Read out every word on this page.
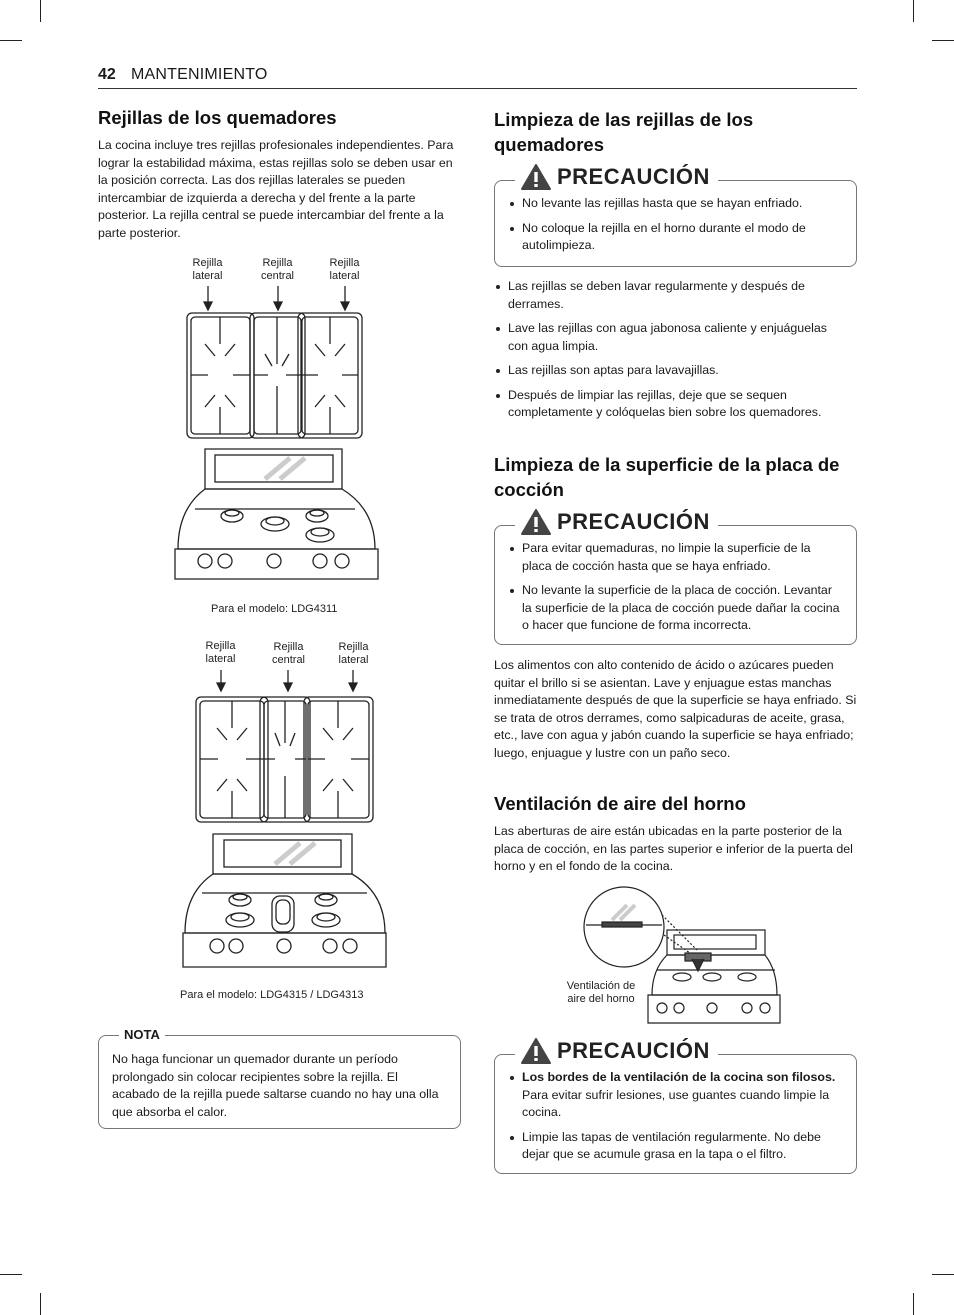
42 MANTENIMIENTO
Rejillas de los quemadores

La cocina incluye tres rejillas profesionales independientes. Para lograr la estabilidad máxima, estas rejillas solo se deben usar en la posición correcta. Las dos rejillas laterales se pueden intercambiar de izquierda a derecha y del frente a la parte posterior. La rejilla central se puede intercambiar del frente a la parte posterior.

Rejilla lateral
Rejilla central
Rejilla lateral
Para el modelo: LDG4311
Rejilla lateral
Rejilla central
Rejilla lateral
Para el modelo: LDG4315 / LDG4313
NOTA

No haga funcionar un quemador durante un período prolongado sin colocar recipientes sobre la rejilla. El acabado de la rejilla puede saltarse cuando no hay una olla que absorba el calor.

Limpieza de las rejillas de los quemadores
PRECAUCIÓN
No levante las rejillas hasta que se hayan enfriado.
No coloque la rejilla en el horno durante el modo de autolimpieza.
Las rejillas se deben lavar regularmente y después de derrames.
Lave las rejillas con agua jabonosa caliente y enjuáguelas con agua limpia.
Las rejillas son aptas para lavavajillas.
Después de limpiar las rejillas, deje que se sequen completamente y colóquelas bien sobre los quemadores.
Limpieza de la superficie de la placa de cocción
PRECAUCIÓN
Para evitar quemaduras, no limpie la superficie de la placa de cocción hasta que se haya enfriado.
No levante la superficie de la placa de cocción. Levantar la superficie de la placa de cocción puede dañar la cocina o hacer que funcione de forma incorrecta.

Los alimentos con alto contenido de ácido o azúcares pueden quitar el brillo si se asientan. Lave y enjuague estas manchas inmediatamente después de que la superficie se haya enfriado. Si se trata de otros derrames, como salpicaduras de aceite, grasa, etc., lave con agua y jabón cuando la superficie se haya enfriado; luego, enjuague y lustre con un paño seco.

Ventilación de aire del horno

Las aberturas de aire están ubicadas en la parte posterior de la placa de cocción, en las partes superior e inferior de la puerta del horno y en el fondo de la cocina.

Ventilación de aire del horno
PRECAUCIÓN
Los bordes de la ventilación de la cocina son filosos. Para evitar sufrir lesiones, use guantes cuando limpie la cocina.
Limpie las tapas de ventilación regularmente. No debe dejar que se acumule grasa en la tapa o el filtro.
